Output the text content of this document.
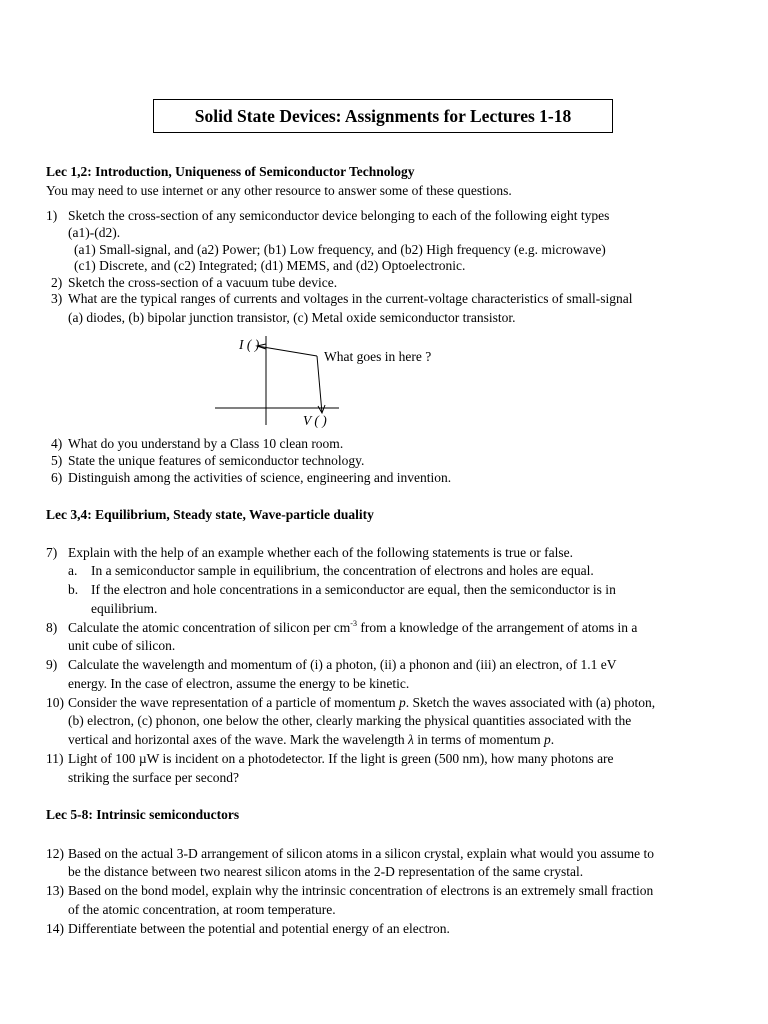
Solid State Devices: Assignments for Lectures 1-18
Lec 1,2: Introduction, Uniqueness of Semiconductor Technology
You may need to use internet or any other resource to answer some of these questions.
1) Sketch the cross-section of any semiconductor device belonging to each of the following eight types
(a1)-(d2).
(a1) Small-signal, and (a2) Power; (b1) Low frequency, and (b2) High frequency (e.g. microwave)
(c1) Discrete, and (c2) Integrated; (d1) MEMS, and (d2) Optoelectronic.
2) Sketch the cross-section of a vacuum tube device.
3) What are the typical ranges of currents and voltages in the current-voltage characteristics of small-signal
(a) diodes, (b) bipolar junction transistor, (c) Metal oxide semiconductor transistor.
I ( )
V ( )
What goes in here ?
4) What do you understand by a Class 10 clean room.
5) State the unique features of semiconductor technology.
6) Distinguish among the activities of science, engineering and invention.
Lec 3,4: Equilibrium, Steady state, Wave-particle duality
7) Explain with the help of an example whether each of the following statements is true or false.
a. In a semiconductor sample in equilibrium, the concentration of electrons and holes are equal.
b. If the electron and hole concentrations in a semiconductor are equal, then the semiconductor is in
equilibrium.
8) Calculate the atomic concentration of silicon per $cm^{-3}$ from a knowledge of the arrangement of atoms in a
unit cube of silicon.
9) Calculate the wavelength and momentum of (i) a photon, (ii) a phonon and (iii) an electron, of 1.1 eV
energy. In the case of electron, assume the energy to be kinetic.
10) Consider the wave representation of a particle of momentum p. Sketch the waves associated with (a) photon,
(b) electron, (c) phonon, one below the other, clearly marking the physical quantities associated with the
vertical and horizontal axes of the wave. Mark the wavelength λ in terms of momentum p.
11) Light of 100 µW is incident on a photodetector. If the light is green (500 nm), how many photons are
striking the surface per second?
Lec 5-8: Intrinsic semiconductors
12) Based on the actual 3-D arrangement of silicon atoms in a silicon crystal, explain what would you assume to
be the distance between two nearest silicon atoms in the 2-D representation of the same crystal.
13) Based on the bond model, explain why the intrinsic concentration of electrons is an extremely small fraction
of the atomic concentration, at room temperature.
14) Differentiate between the potential and potential energy of an electron.
